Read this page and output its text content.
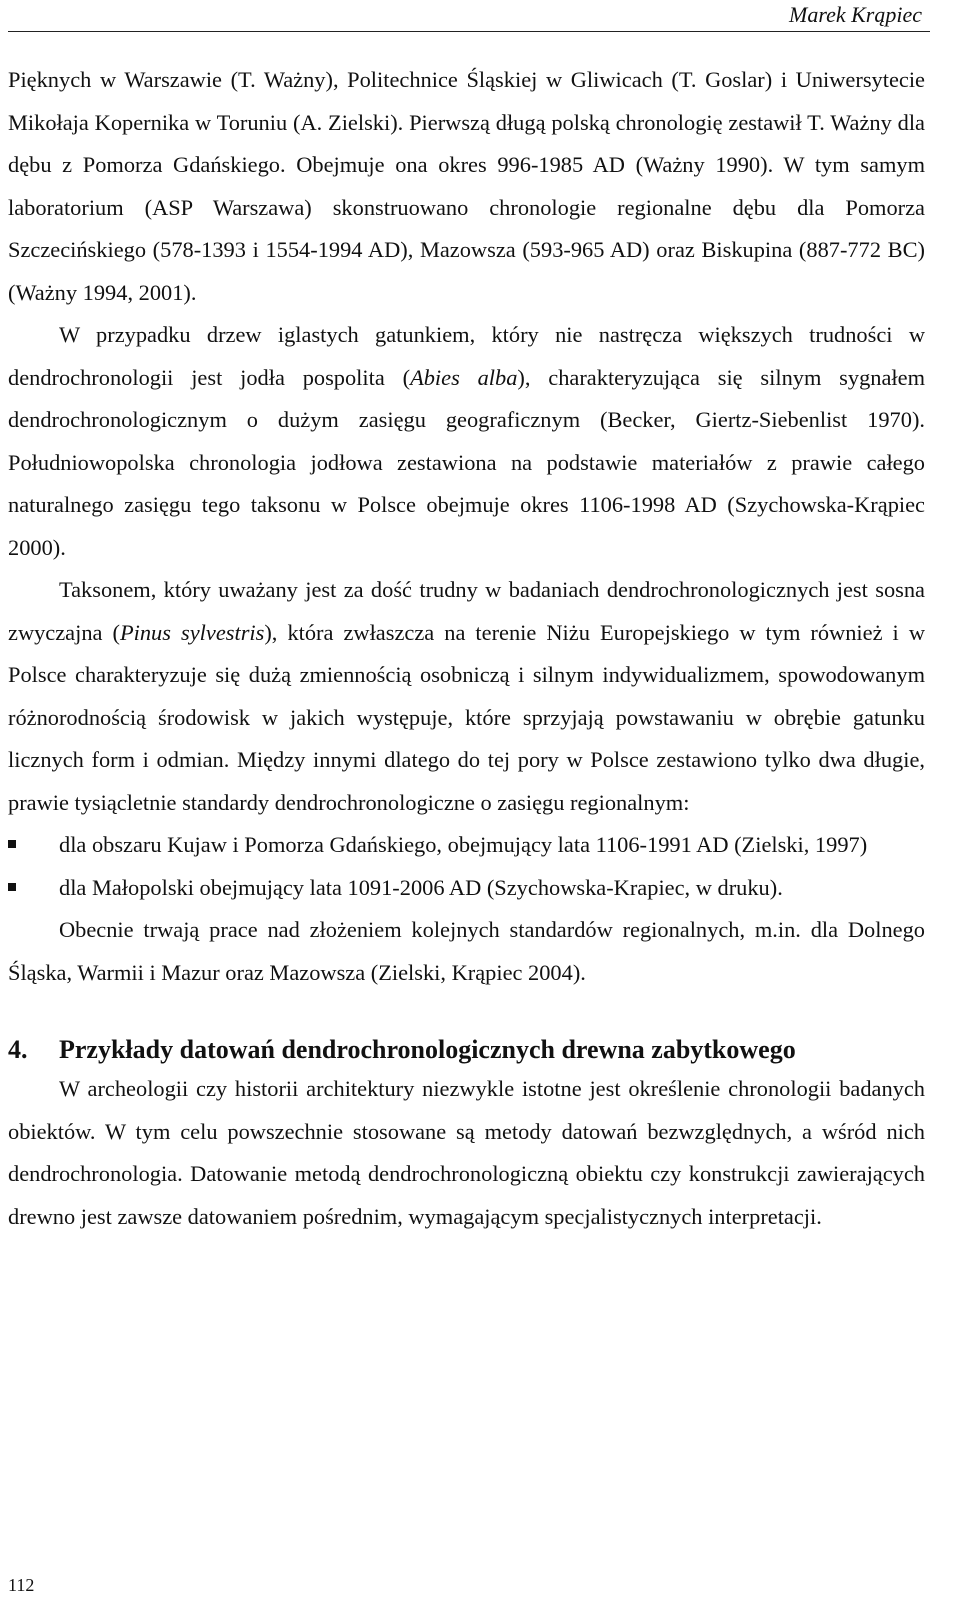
Marek Krąpiec

Pięknych w Warszawie (T. Ważny), Politechnice Śląskiej w Gliwicach (T. Goslar) i Uniwersytecie Mikołaja Kopernika w Toruniu (A. Zielski). Pierwszą długą polską chronologię zestawił T. Ważny dla dębu z Pomorza Gdańskiego. Obejmuje ona okres 996-1985 AD (Ważny 1990). W tym samym laboratorium (ASP Warszawa) skonstruowano chronologie regionalne dębu dla Pomorza Szczecińskiego (578-1393 i 1554-1994 AD), Mazowsza (593-965 AD) oraz Biskupina (887-772 BC) (Ważny 1994, 2001).

W przypadku drzew iglastych gatunkiem, który nie nastręcza większych trudności w dendrochronologii jest jodła pospolita (Abies alba), charakteryzująca się silnym sygnałem dendrochronologicznym o dużym zasięgu geograficznym (Becker, Giertz-Siebenlist 1970). Południowopolska chronologia jodłowa zestawiona na podstawie materiałów z prawie całego naturalnego zasięgu tego taksonu w Polsce obejmuje okres 1106-1998 AD (Szychowska-Krąpiec 2000).

Taksonem, który uważany jest za dość trudny w badaniach dendrochronologicznych jest sosna zwyczajna (Pinus sylvestris), która zwłaszcza na terenie Niżu Europejskiego w tym również i w Polsce charakteryzuje się dużą zmiennością osobniczą i silnym indywidualizmem, spowodowanym różnorodnością środowisk w jakich występuje, które sprzyjają powstawaniu w obrębie gatunku licznych form i odmian. Między innymi dlatego do tej pory w Polsce zestawiono tylko dwa długie, prawie tysiącletnie standardy dendrochronologiczne o zasięgu regionalnym:

dla obszaru Kujaw i Pomorza Gdańskiego, obejmujący lata 1106-1991 AD (Zielski, 1997)
dla Małopolski obejmujący lata 1091-2006 AD (Szychowska-Krapiec, w druku).

Obecnie trwają prace nad złożeniem kolejnych standardów regionalnych, m.in. dla Dolnego Śląska, Warmii i Mazur oraz Mazowsza (Zielski, Krąpiec 2004).

4.	Przykłady datowań dendrochronologicznych drewna zabytkowego

W archeologii czy historii architektury niezwykle istotne jest określenie chronologii badanych obiektów. W tym celu powszechnie stosowane są metody datowań bezwzględnych, a wśród nich dendrochronologia. Datowanie metodą dendrochronologiczną obiektu czy konstrukcji zawierających drewno jest zawsze datowaniem pośrednim, wymagającym specjalistycznych interpretacji.

112
